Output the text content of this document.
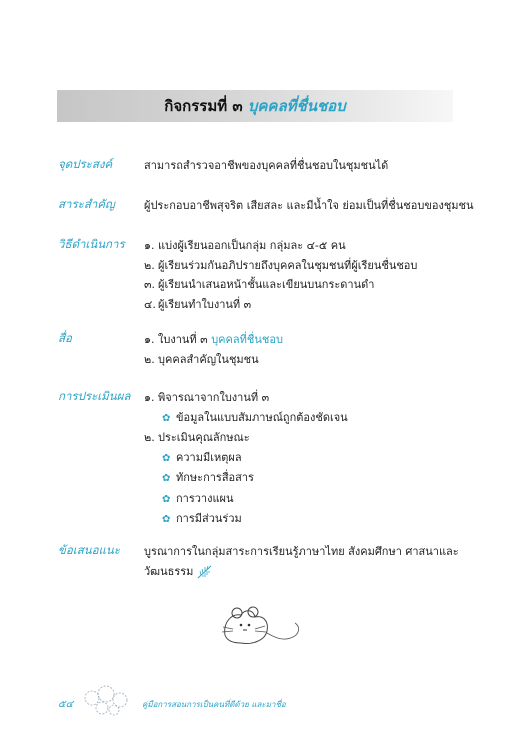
กิจกรรมที่ ๓ บุคคลที่ชื่นชอบ
จุดประสงค์	สามารถสำรวจอาชีพของบุคคลที่ชื่นชอบในชุมชนได้
สาระสำคัญ	ผู้ประกอบอาชีพสุจริต เสียสละ และมีน้ำใจ ย่อมเป็นที่ชื่นชอบของชุมชน
วิธีดำเนินการ	๑. แบ่งผู้เรียนออกเป็นกลุ่ม กลุ่มละ ๔-๕ คน
๒. ผู้เรียนร่วมกันอภิปรายถึงบุคคลในชุมชนที่ผู้เรียนชื่นชอบ
๓. ผู้เรียนนำเสนอหน้าชั้นและเขียนบนกระดานดำ
๔. ผู้เรียนทำใบงานที่ ๓
สื่อ	๑. ใบงานที่ ๓ บุคคลที่ชื่นชอบ
๒. บุคคลสำคัญในชุมชน
การประเมินผล	๑. พิจารณาจากใบงานที่ ๓
✿ ข้อมูลในแบบสัมภาษณ์ถูกต้องชัดเจน
๒. ประเมินคุณลักษณะ
✿ ความมีเหตุผล
✿ ทักษะการสื่อสาร
✿ การวางแผน
✿ การมีส่วนร่วม
ข้อเสนอแนะ	บูรณาการในกลุ่มสาระการเรียนรู้ภาษาไทย สังคมศึกษา ศาสนาและวัฒนธรรม
๕๔	คู่มือการสอนการเป็นคนที่ดีด้วย และมาชื่อ
